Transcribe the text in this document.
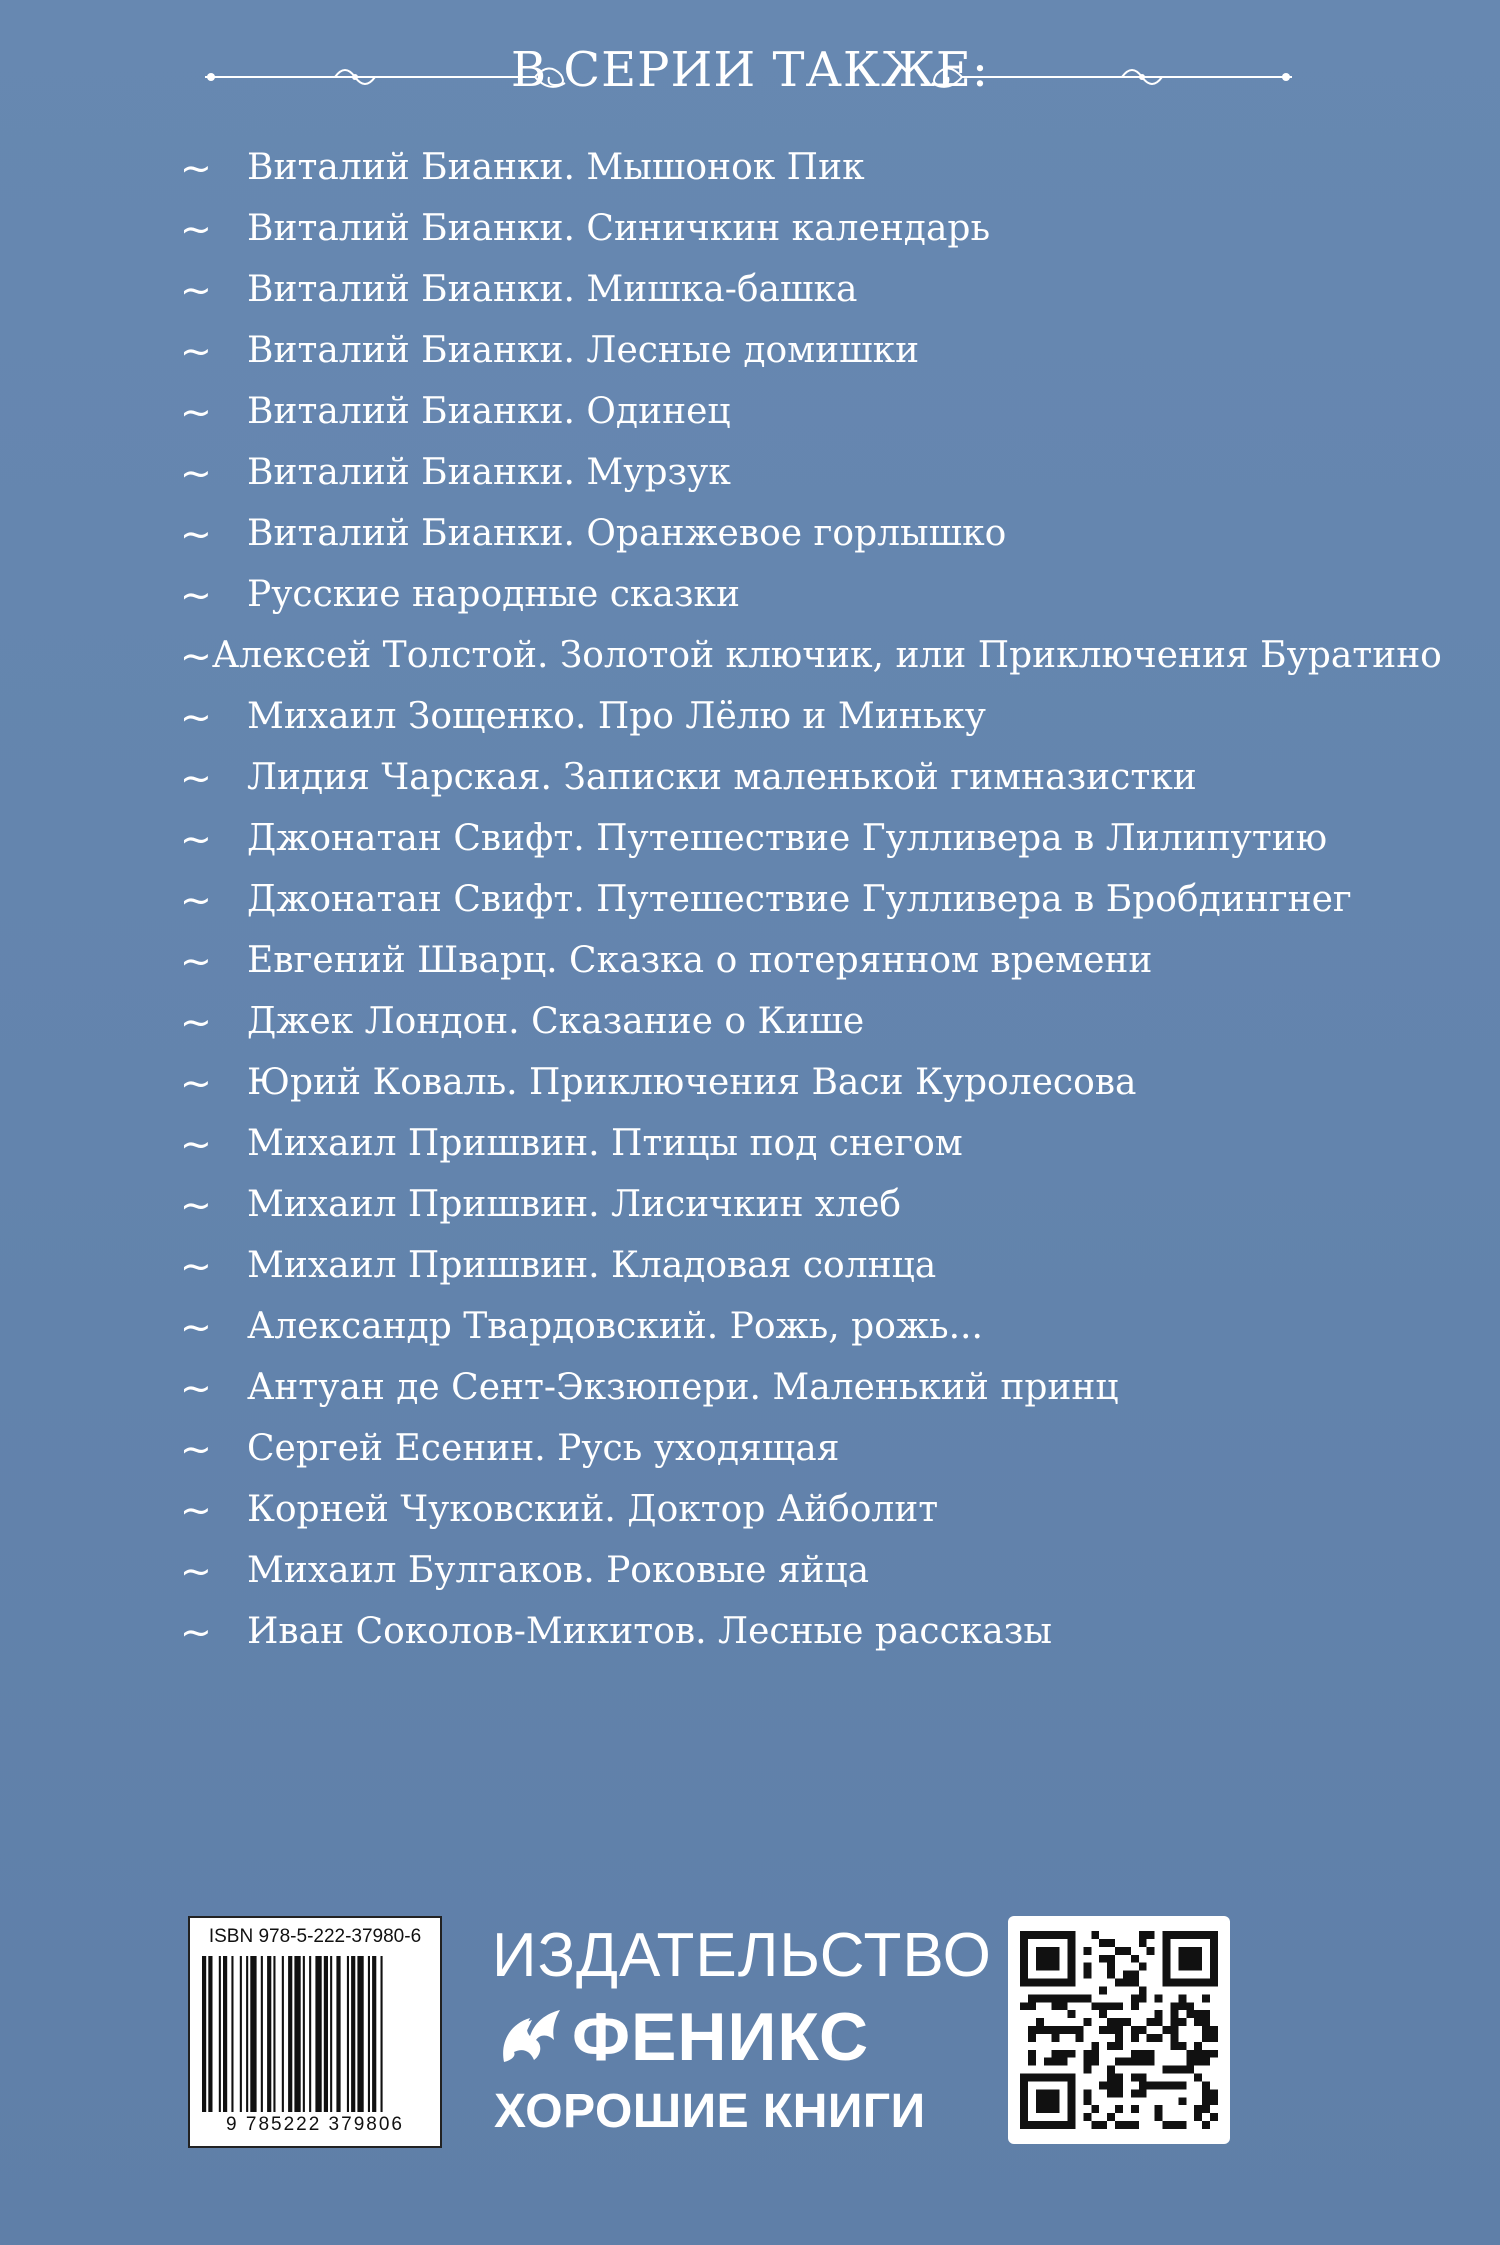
В СЕРИИ ТАКЖЕ:
~ Виталий Бианки. Мышонок Пик
~ Виталий Бианки. Синичкин календарь
~ Виталий Бианки. Мишка-башка
~ Виталий Бианки. Лесные домишки
~ Виталий Бианки. Одинец
~ Виталий Бианки. Мурзук
~ Виталий Бианки. Оранжевое горлышко
~ Русские народные сказки
~ Алексей Толстой. Золотой ключик, или Приключения Буратино
~ Михаил Зощенко. Про Лёлю и Миньку
~ Лидия Чарская. Записки маленькой гимназистки
~ Джонатан Свифт. Путешествие Гулливера в Лилипутию
~ Джонатан Свифт. Путешествие Гулливера в Бробдингнег
~ Евгений Шварц. Сказка о потерянном времени
~ Джек Лондон. Сказание о Кише
~ Юрий Коваль. Приключения Васи Куролесова
~ Михаил Пришвин. Птицы под снегом
~ Михаил Пришвин. Лисичкин хлеб
~ Михаил Пришвин. Кладовая солнца
~ Александр Твардовский. Рожь, рожь...
~ Антуан де Сент-Экзюпери. Маленький принц
~ Сергей Есенин. Русь уходящая
~ Корней Чуковский. Доктор Айболит
~ Михаил Булгаков. Роковые яйца
~ Иван Соколов-Микитов. Лесные рассказы
ISBN 978-5-222-37980-6
9 785222 379806
ИЗДАТЕЛЬСТВО
ФЕНИКС
ХОРОШИЕ КНИГИ
